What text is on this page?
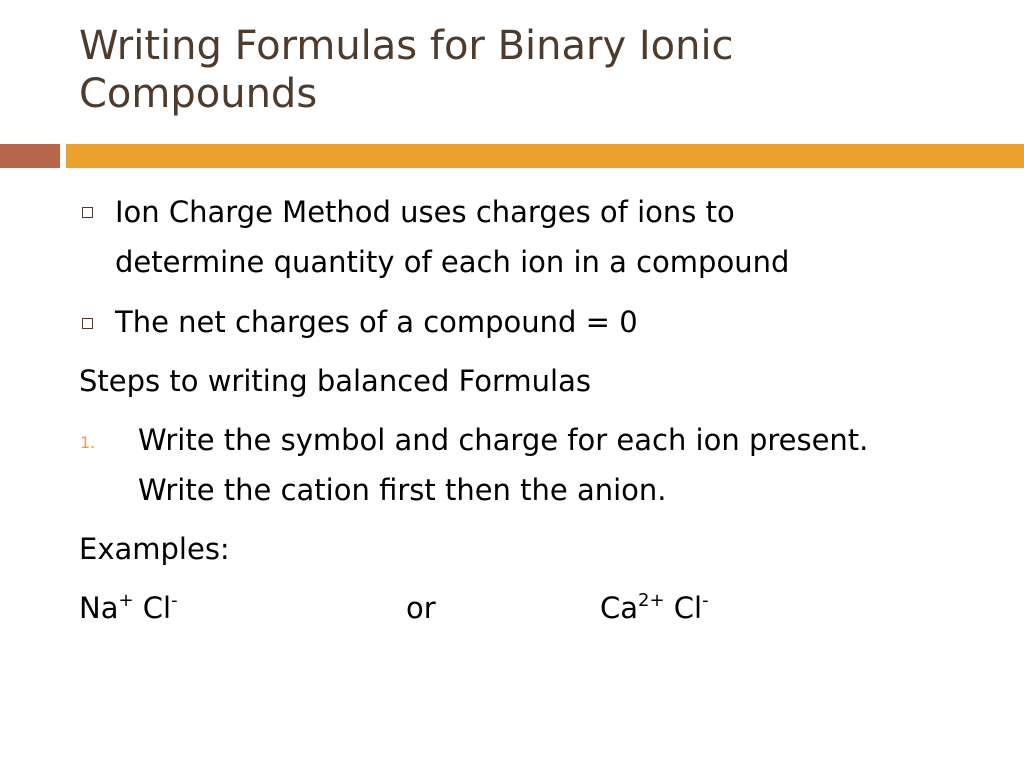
Writing Formulas for Binary Ionic
Compounds
Ion Charge Method uses charges of ions to
determine quantity of each ion in a compound
The net charges of a compound = 0
Steps to writing balanced Formulas
1. Write the symbol and charge for each ion present.
Write the cation first then the anion.
Examples:
Na+ Cl-	or	$Ca^{2+}$ Cl-
